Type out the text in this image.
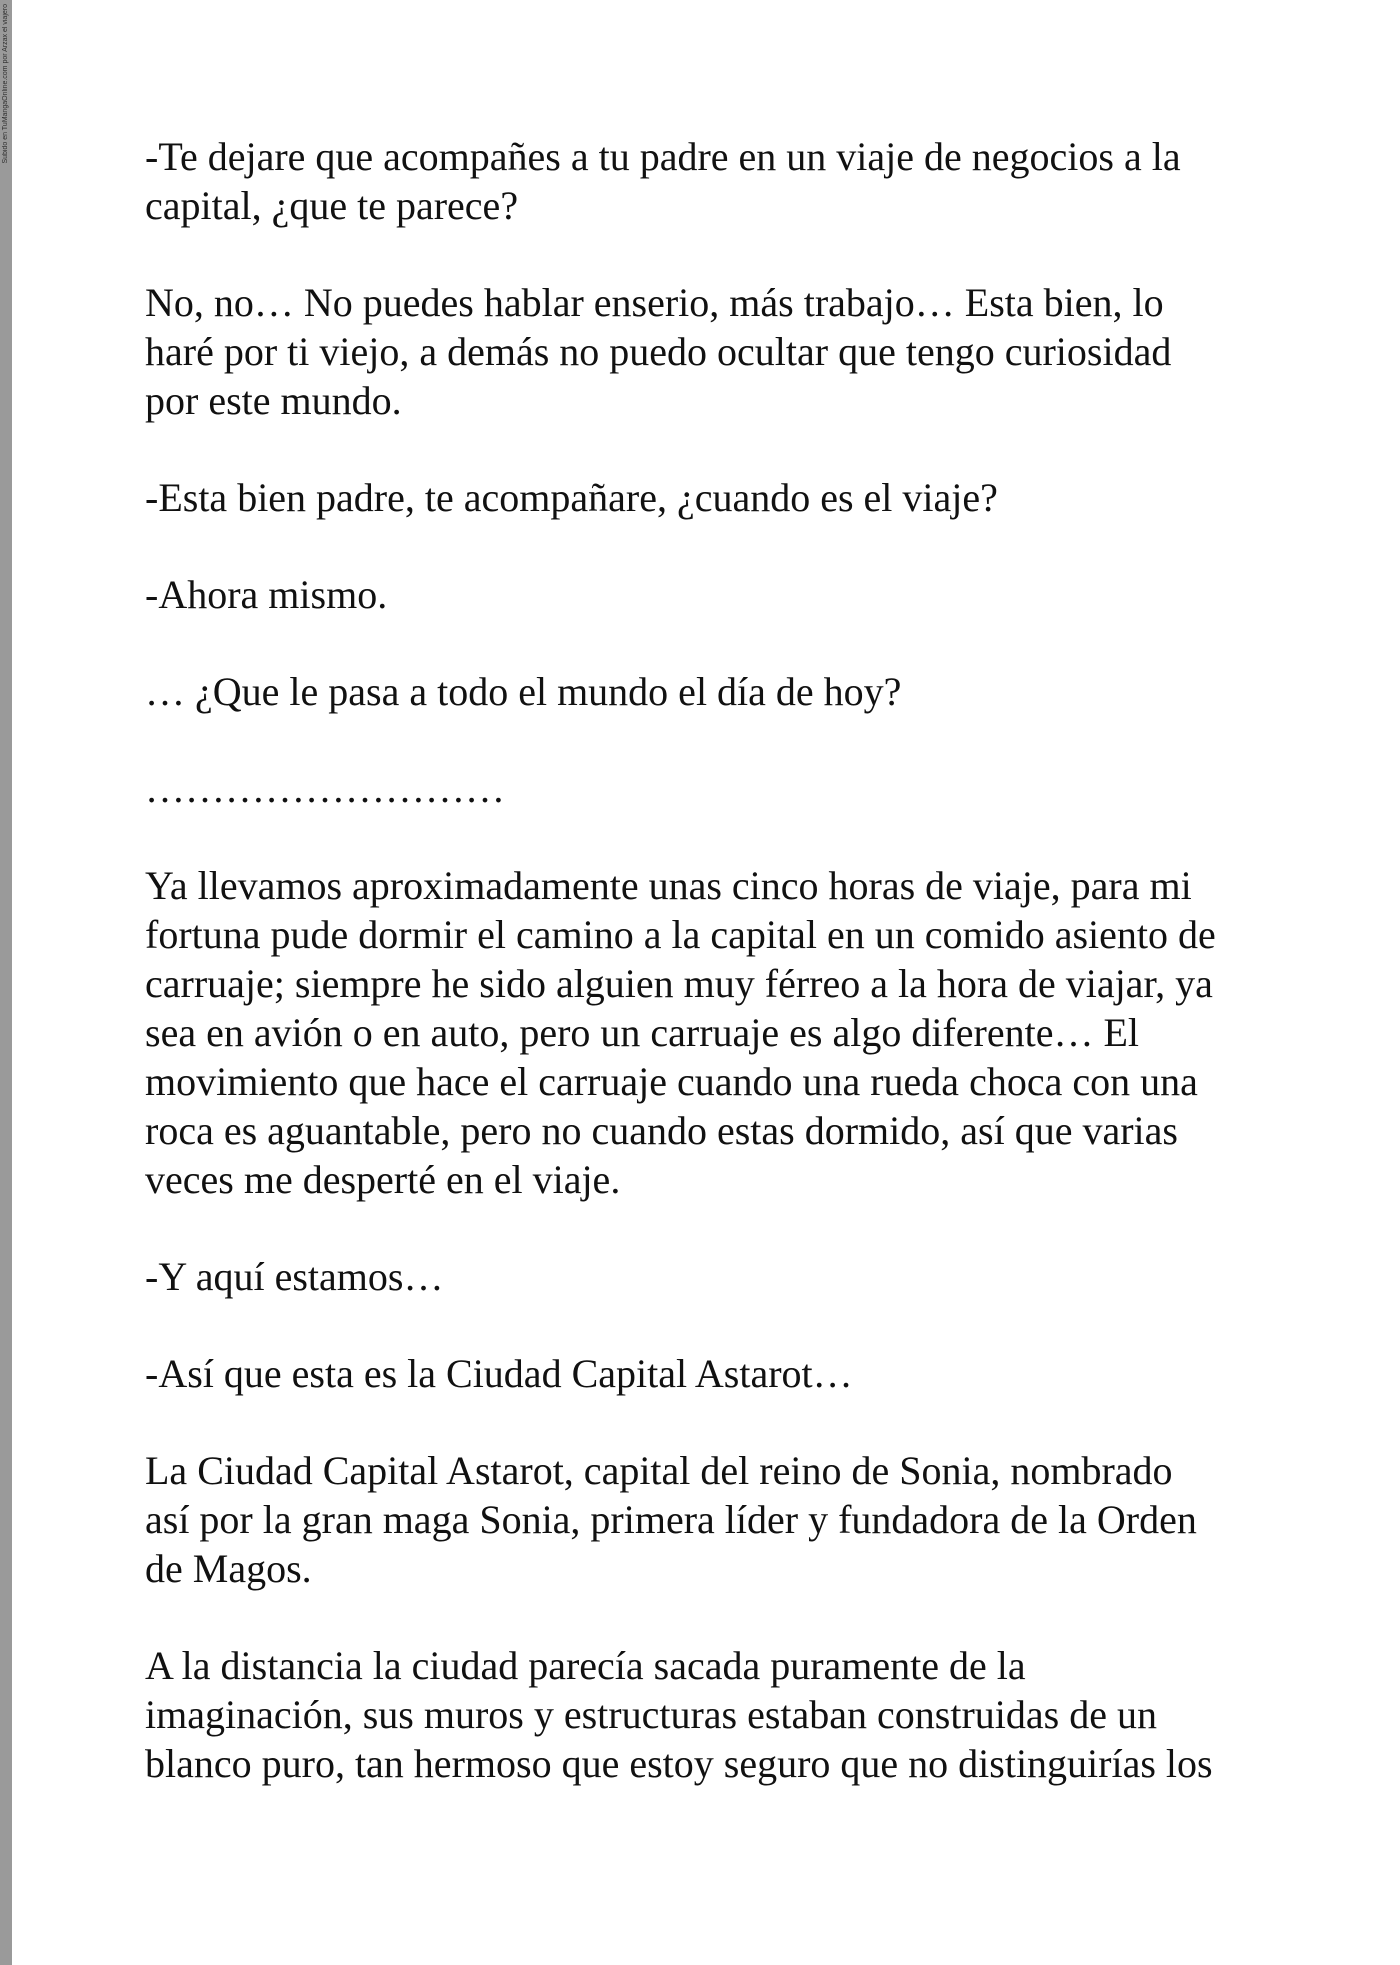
Subido en TuMangaOnline.com por Arzax el viajero	-Te dejare que acompañes a tu padre en un viaje de negocios a la
capital, ¿que te parece?

No, no… No puedes hablar enserio, más trabajo… Esta bien, lo
haré por ti viejo, a demás no puedo ocultar que tengo curiosidad
por este mundo.

-Esta bien padre, te acompañare, ¿cuando es el viaje?

-Ahora mismo.

… ¿Que le pasa a todo el mundo el día de hoy?

………………………

Ya llevamos aproximadamente unas cinco horas de viaje, para mi
fortuna pude dormir el camino a la capital en un comido asiento de
carruaje; siempre he sido alguien muy férreo a la hora de viajar, ya
sea en avión o en auto, pero un carruaje es algo diferente… El
movimiento que hace el carruaje cuando una rueda choca con una
roca es aguantable, pero no cuando estas dormido, así que varias
veces me desperté en el viaje.

-Y aquí estamos…

-Así que esta es la Ciudad Capital Astarot…

La Ciudad Capital Astarot, capital del reino de Sonia, nombrado
así por la gran maga Sonia, primera líder y fundadora de la Orden
de Magos.

A la distancia la ciudad parecía sacada puramente de la
imaginación, sus muros y estructuras estaban construidas de un
blanco puro, tan hermoso que estoy seguro que no distinguirías los
